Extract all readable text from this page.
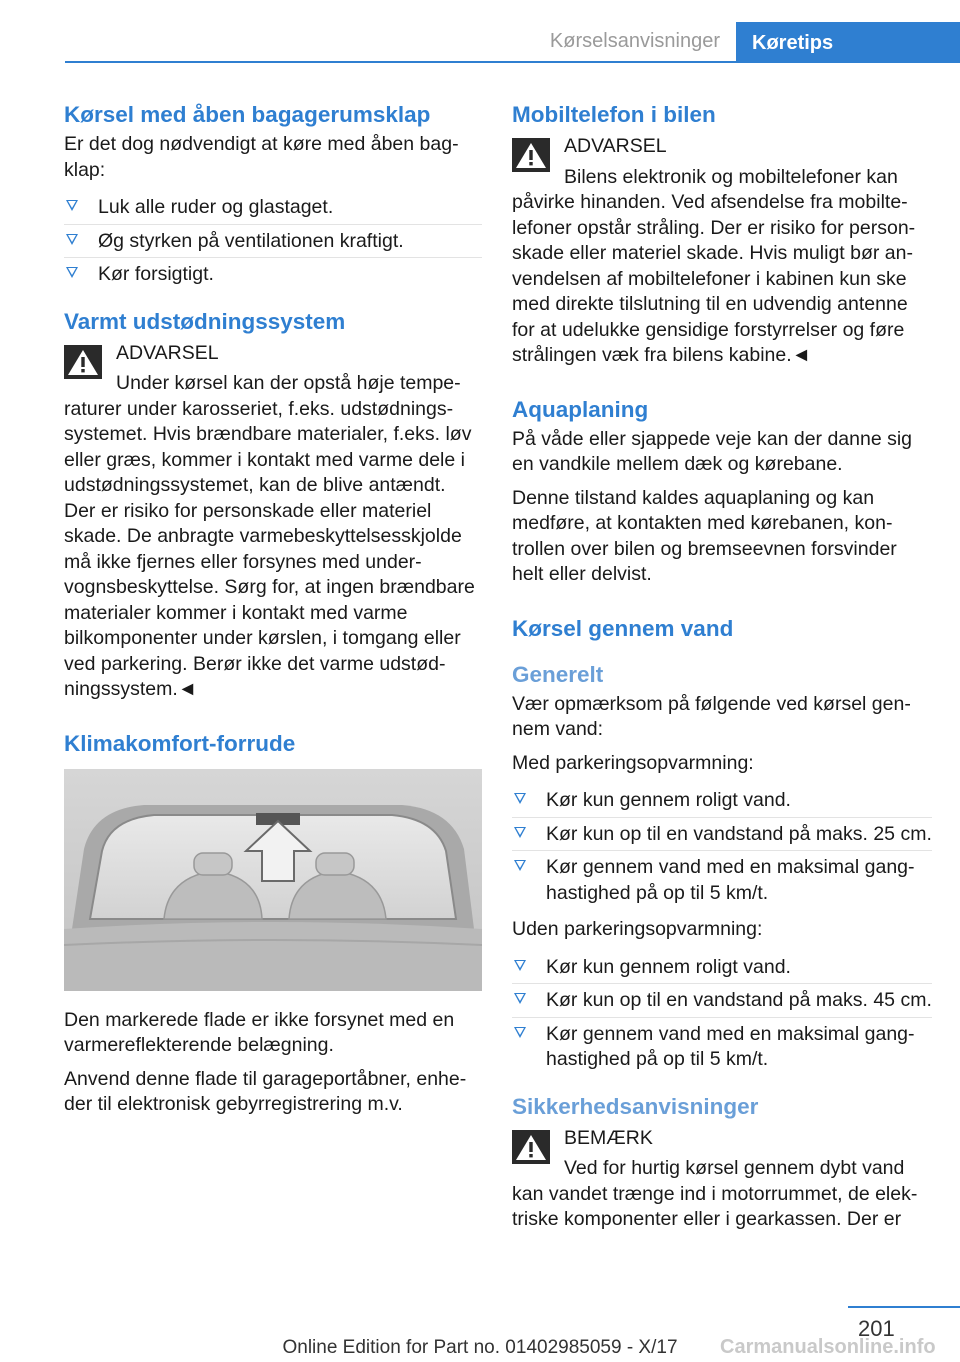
Kørselsanvisninger	Køretips
Kørsel med åben bagagerumsklap

Er det dog nødvendigt at køre med åben bagklap:

Luk alle ruder og glastaget.
Øg styrken på ventilationen kraftigt.
Kør forsigtigt.
Varmt udstødningssystem
ADVARSEL

Under kørsel kan der opstå høje temperaturer under karosseriet, f.eks. udstødningssystemet. Hvis brændbare materialer, f.eks. løv eller græs, kommer i kontakt med varme dele i udstødningssystemet, kan de blive antændt. Der er risiko for personskade eller materiel skade. De anbragte varmebeskyttelsesskjolde må ikke fjernes eller forsynes med undervognsbeskyttelse. Sørg for, at ingen brændbare materialer kommer i kontakt med varme bilkomponenter under kørslen, i tomgang eller ved parkering. Berør ikke det varme udstødningssystem.◄

Klimakomfort-forrude

Den markerede flade er ikke forsynet med en varmereflekterende belægning.

Anvend denne flade til garageportåbner, enheder til elektronisk gebyrregistrering m.v.

Mobiltelefon i bilen
ADVARSEL

Bilens elektronik og mobiltelefoner kan påvirke hinanden. Ved afsendelse fra mobiltelefoner opstår stråling. Der er risiko for personskade eller materiel skade. Hvis muligt bør anvendelsen af mobiltelefoner i kabinen kun ske med direkte tilslutning til en udvendig antenne for at udelukke gensidige forstyrrelser og føre strålingen væk fra bilens kabine.◄

Aquaplaning

På våde eller sjappede veje kan der danne sig en vandkile mellem dæk og kørebane.

Denne tilstand kaldes aquaplaning og kan medføre, at kontakten med kørebanen, kontrollen over bilen og bremseevnen forsvinder helt eller delvist.

Kørsel gennem vand
Generelt

Vær opmærksom på følgende ved kørsel gennem vand:

Med parkeringsopvarmning:

Kør kun gennem roligt vand.
Kør kun op til en vandstand på maks. 25 cm.
Kør gennem vand med en maksimal ganghastighed på op til 5 km/t.

Uden parkeringsopvarmning:

Kør kun gennem roligt vand.
Kør kun op til en vandstand på maks. 45 cm.
Kør gennem vand med en maksimal ganghastighed på op til 5 km/t.
Sikkerhedsanvisninger
BEMÆRK

Ved for hurtig kørsel gennem dybt vand kan vandet trænge ind i motorrummet, de elektriske komponenter eller i gearkassen. Der er

201
Carmanualsonline.info
Online Edition for Part no. 01402985059 - X/17
